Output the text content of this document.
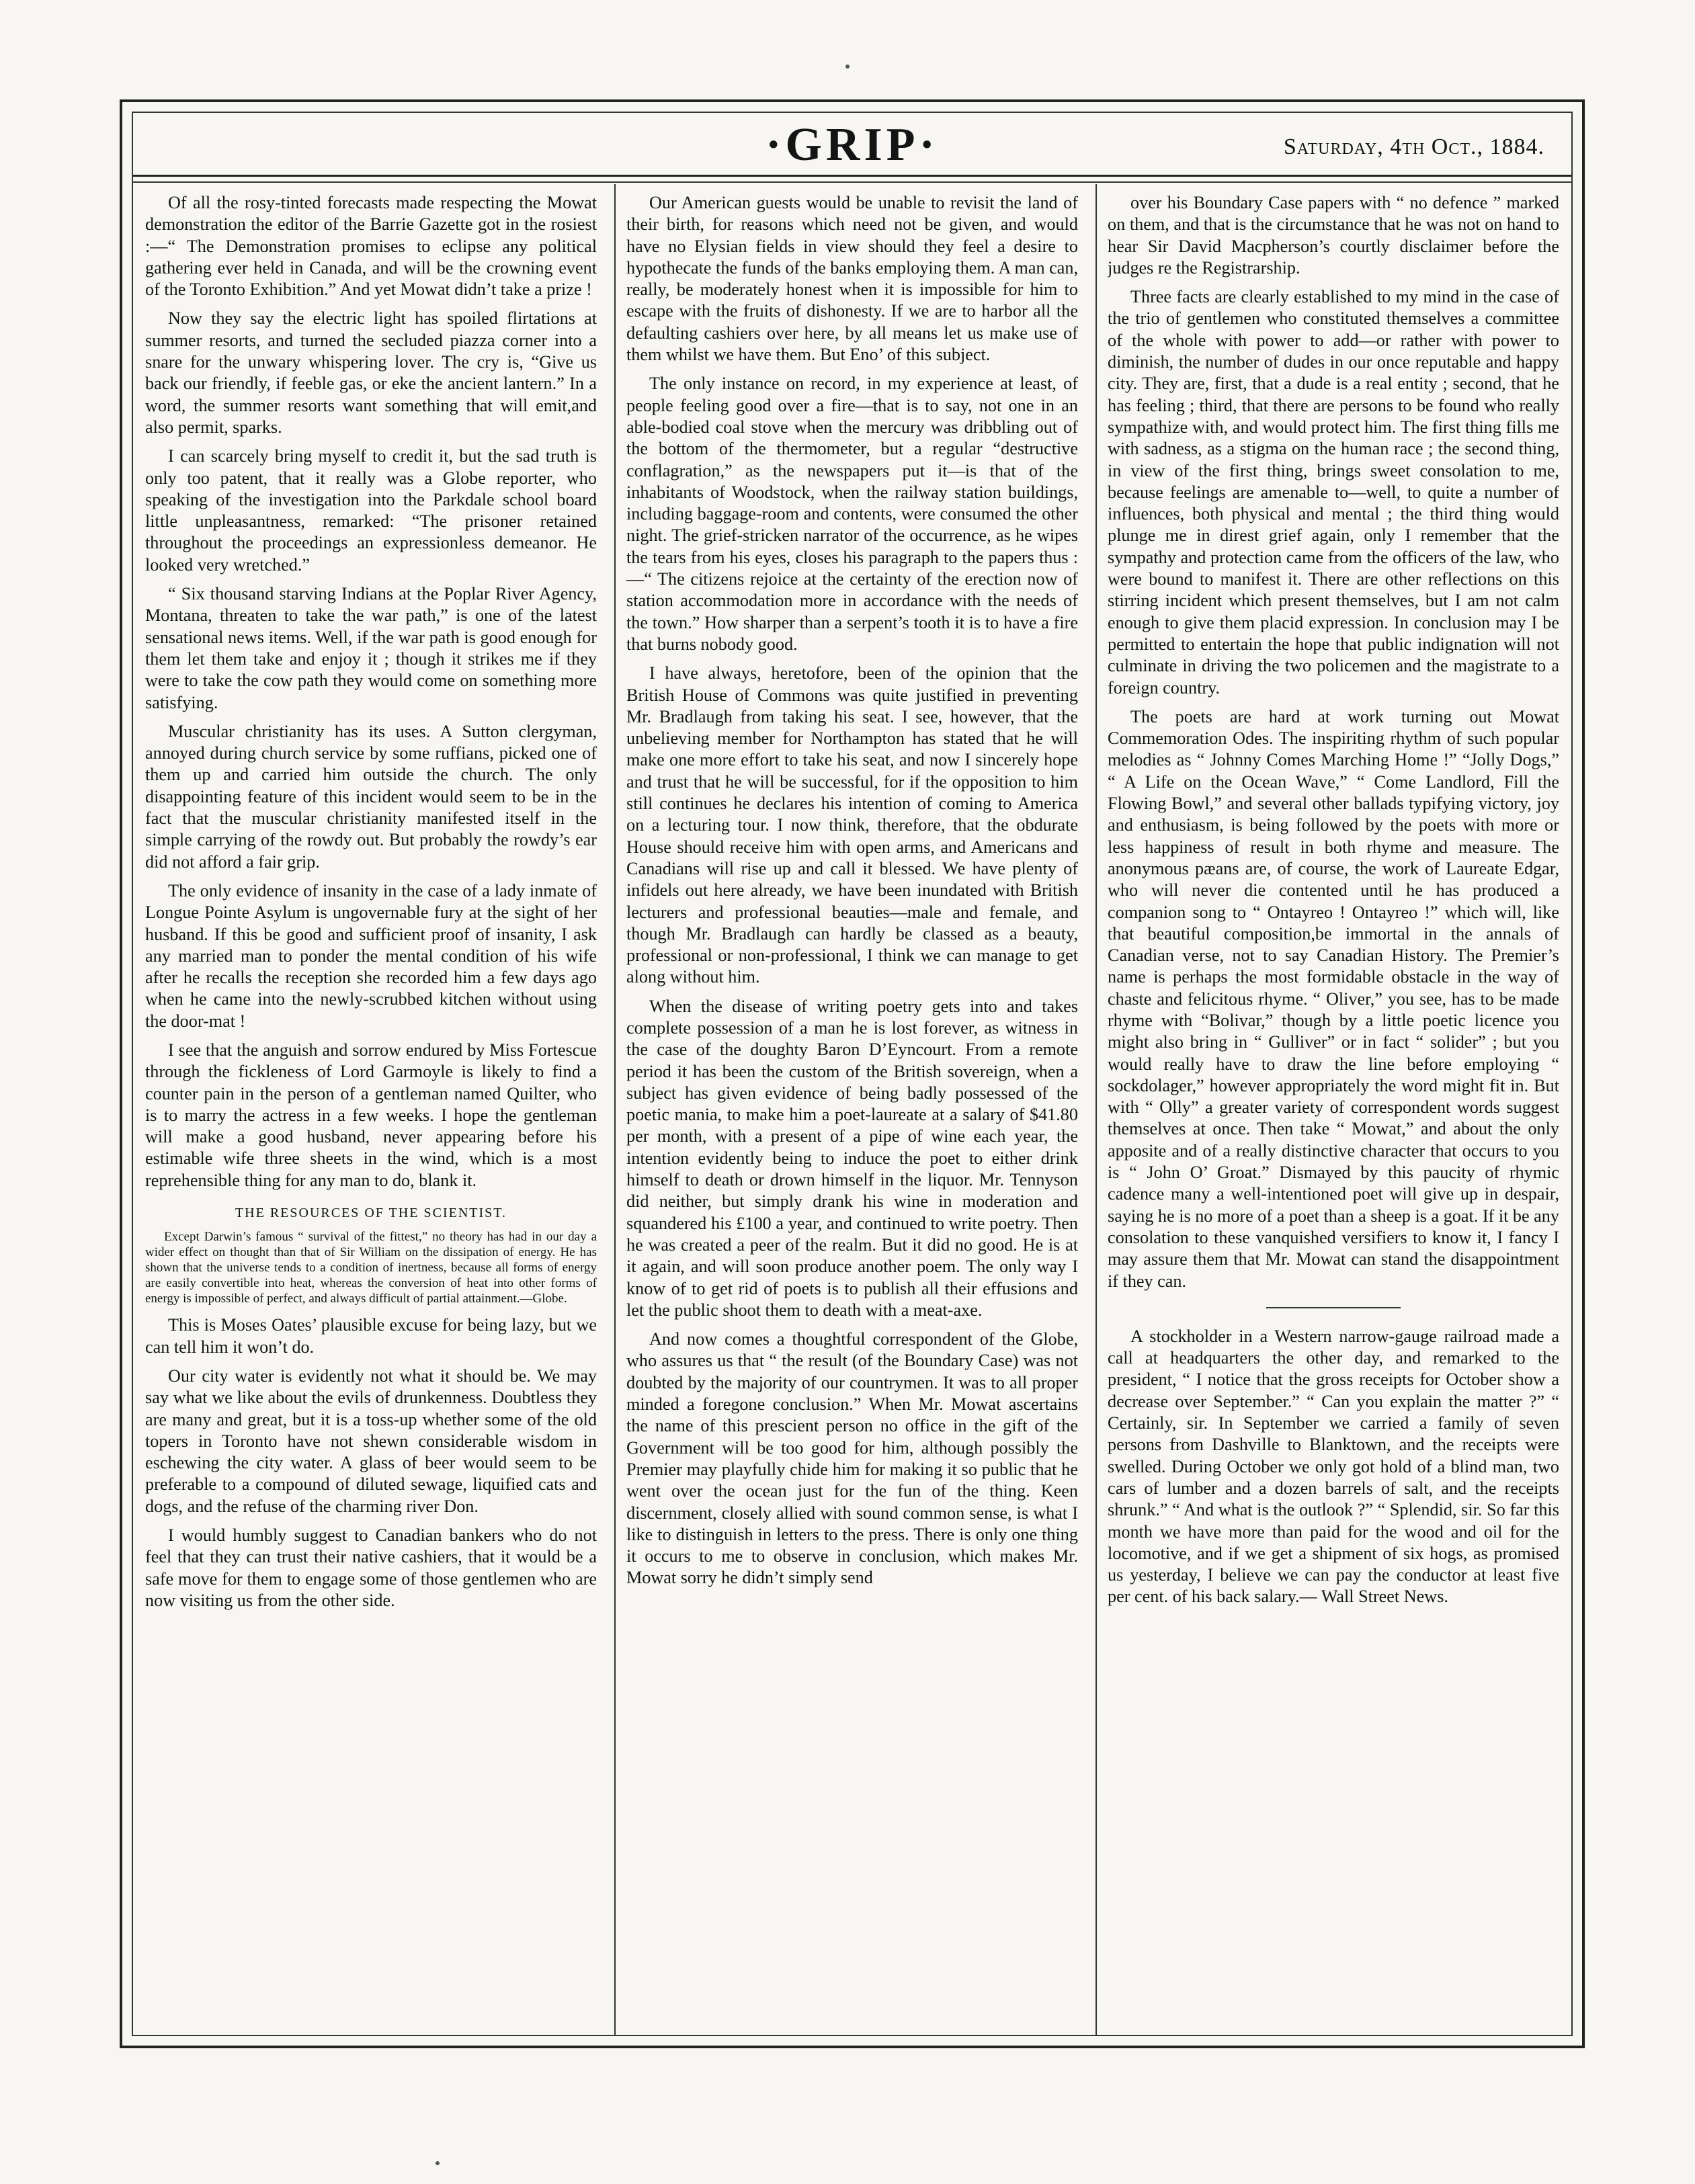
·GRIP·	Saturday, 4th Oct., 1884.

Of all the rosy-tinted forecasts made respecting the Mowat demonstration the editor of the Barrie Gazette got in the rosiest :—“ The Demonstration promises to eclipse any political gathering ever held in Canada, and will be the crowning event of the Toronto Exhibition.” And yet Mowat didn’t take a prize !

Now they say the electric light has spoiled flirtations at summer resorts, and turned the secluded piazza corner into a snare for the unwary whispering lover. The cry is, “Give us back our friendly, if feeble gas, or eke the ancient lantern.” In a word, the summer resorts want something that will emit,and also permit, sparks.

I can scarcely bring myself to credit it, but the sad truth is only too patent, that it really was a Globe reporter, who speaking of the investigation into the Parkdale school board little unpleasantness, remarked: “The prisoner retained throughout the proceedings an expressionless demeanor. He looked very wretched.”

“ Six thousand starving Indians at the Poplar River Agency, Montana, threaten to take the war path,” is one of the latest sensational news items. Well, if the war path is good enough for them let them take and enjoy it ; though it strikes me if they were to take the cow path they would come on something more satisfying.

Muscular christianity has its uses. A Sutton clergyman, annoyed during church service by some ruffians, picked one of them up and carried him outside the church. The only disappointing feature of this incident would seem to be in the fact that the muscular christianity manifested itself in the simple carrying of the rowdy out. But probably the rowdy’s ear did not afford a fair grip.

The only evidence of insanity in the case of a lady inmate of Longue Pointe Asylum is ungovernable fury at the sight of her husband. If this be good and sufficient proof of insanity, I ask any married man to ponder the mental condition of his wife after he recalls the reception she recorded him a few days ago when he came into the newly-scrubbed kitchen without using the door-mat !

I see that the anguish and sorrow endured by Miss Fortescue through the fickleness of Lord Garmoyle is likely to find a counter pain in the person of a gentleman named Quilter, who is to marry the actress in a few weeks. I hope the gentleman will make a good husband, never appearing before his estimable wife three sheets in the wind, which is a most reprehensible thing for any man to do, blank it.

THE RESOURCES OF THE SCIENTIST.

Except Darwin’s famous “ survival of the fittest,” no theory has had in our day a wider effect on thought than that of Sir William on the dissipation of energy. He has shown that the universe tends to a condition of inertness, because all forms of energy are easily convertible into heat, whereas the conversion of heat into other forms of energy is impossible of perfect, and always difficult of partial attainment.—Globe.

This is Moses Oates’ plausible excuse for being lazy, but we can tell him it won’t do.

Our city water is evidently not what it should be. We may say what we like about the evils of drunkenness. Doubtless they are many and great, but it is a toss-up whether some of the old topers in Toronto have not shewn considerable wisdom in eschewing the city water. A glass of beer would seem to be preferable to a compound of diluted sewage, liquified cats and dogs, and the refuse of the charming river Don.

I would humbly suggest to Canadian bankers who do not feel that they can trust their native cashiers, that it would be a safe move for them to engage some of those gentlemen who are now visiting us from the other side.

Our American guests would be unable to revisit the land of their birth, for reasons which need not be given, and would have no Elysian fields in view should they feel a desire to hypothecate the funds of the banks employing them. A man can, really, be moderately honest when it is impossible for him to escape with the fruits of dishonesty. If we are to harbor all the defaulting cashiers over here, by all means let us make use of them whilst we have them. But Eno’ of this subject.

The only instance on record, in my experience at least, of people feeling good over a fire—that is to say, not one in an able-bodied coal stove when the mercury was dribbling out of the bottom of the thermometer, but a regular “destructive conflagration,” as the newspapers put it—is that of the inhabitants of Woodstock, when the railway station buildings, including baggage-room and contents, were consumed the other night. The grief-stricken narrator of the occurrence, as he wipes the tears from his eyes, closes his paragraph to the papers thus :—“ The citizens rejoice at the certainty of the erection now of station accommodation more in accordance with the needs of the town.” How sharper than a serpent’s tooth it is to have a fire that burns nobody good.

I have always, heretofore, been of the opinion that the British House of Commons was quite justified in preventing Mr. Bradlaugh from taking his seat. I see, however, that the unbelieving member for Northampton has stated that he will make one more effort to take his seat, and now I sincerely hope and trust that he will be successful, for if the opposition to him still continues he declares his intention of coming to America on a lecturing tour. I now think, therefore, that the obdurate House should receive him with open arms, and Americans and Canadians will rise up and call it blessed. We have plenty of infidels out here already, we have been inundated with British lecturers and professional beauties—male and female, and though Mr. Bradlaugh can hardly be classed as a beauty, professional or non-professional, I think we can manage to get along without him.

When the disease of writing poetry gets into and takes complete possession of a man he is lost forever, as witness in the case of the doughty Baron D’Eyncourt. From a remote period it has been the custom of the British sovereign, when a subject has given evidence of being badly possessed of the poetic mania, to make him a poet-laureate at a salary of $41.80 per month, with a present of a pipe of wine each year, the intention evidently being to induce the poet to either drink himself to death or drown himself in the liquor. Mr. Tennyson did neither, but simply drank his wine in moderation and squandered his £100 a year, and continued to write poetry. Then he was created a peer of the realm. But it did no good. He is at it again, and will soon produce another poem. The only way I know of to get rid of poets is to publish all their effusions and let the public shoot them to death with a meat-axe.

And now comes a thoughtful correspondent of the Globe, who assures us that “ the result (of the Boundary Case) was not doubted by the majority of our countrymen. It was to all proper minded a foregone conclusion.” When Mr. Mowat ascertains the name of this prescient person no office in the gift of the Government will be too good for him, although possibly the Premier may playfully chide him for making it so public that he went over the ocean just for the fun of the thing. Keen discernment, closely allied with sound common sense, is what I like to distinguish in letters to the press. There is only one thing it occurs to me to observe in conclusion, which makes Mr. Mowat sorry he didn’t simply send

over his Boundary Case papers with “ no defence ” marked on them, and that is the circumstance that he was not on hand to hear Sir David Macpherson’s courtly disclaimer before the judges re the Registrarship.

Three facts are clearly established to my mind in the case of the trio of gentlemen who constituted themselves a committee of the whole with power to add—or rather with power to diminish, the number of dudes in our once reputable and happy city. They are, first, that a dude is a real entity ; second, that he has feeling ; third, that there are persons to be found who really sympathize with, and would protect him. The first thing fills me with sadness, as a stigma on the human race ; the second thing, in view of the first thing, brings sweet consolation to me, because feelings are amenable to—well, to quite a number of influences, both physical and mental ; the third thing would plunge me in direst grief again, only I remember that the sympathy and protection came from the officers of the law, who were bound to manifest it. There are other reflections on this stirring incident which present themselves, but I am not calm enough to give them placid expression. In conclusion may I be permitted to entertain the hope that public indignation will not culminate in driving the two policemen and the magistrate to a foreign country.

The poets are hard at work turning out Mowat Commemoration Odes. The inspiriting rhythm of such popular melodies as “ Johnny Comes Marching Home !” “Jolly Dogs,” “ A Life on the Ocean Wave,” “ Come Landlord, Fill the Flowing Bowl,” and several other ballads typifying victory, joy and enthusiasm, is being followed by the poets with more or less happiness of result in both rhyme and measure. The anonymous pæans are, of course, the work of Laureate Edgar, who will never die contented until he has produced a companion song to “ Ontayreo ! Ontayreo !” which will, like that beautiful composition,be immortal in the annals of Canadian verse, not to say Canadian History. The Premier’s name is perhaps the most formidable obstacle in the way of chaste and felicitous rhyme. “ Oliver,” you see, has to be made rhyme with “Bolivar,” though by a little poetic licence you might also bring in “ Gulliver” or in fact “ solider” ; but you would really have to draw the line before employing “ sockdolager,” however appropriately the word might fit in. But with “ Olly” a greater variety of correspondent words suggest themselves at once. Then take “ Mowat,” and about the only apposite and of a really distinctive character that occurs to you is “ John O’ Groat.” Dismayed by this paucity of rhymic cadence many a well-intentioned poet will give up in despair, saying he is no more of a poet than a sheep is a goat. If it be any consolation to these vanquished versifiers to know it, I fancy I may assure them that Mr. Mowat can stand the disappointment if they can.

A stockholder in a Western narrow-gauge railroad made a call at headquarters the other day, and remarked to the president, “ I notice that the gross receipts for October show a decrease over September.” “ Can you explain the matter ?” “ Certainly, sir. In September we carried a family of seven persons from Dashville to Blanktown, and the receipts were swelled. During October we only got hold of a blind man, two cars of lumber and a dozen barrels of salt, and the receipts shrunk.” “ And what is the outlook ?” “ Splendid, sir. So far this month we have more than paid for the wood and oil for the locomotive, and if we get a shipment of six hogs, as promised us yesterday, I believe we can pay the conductor at least five per cent. of his back salary.— Wall Street News.
